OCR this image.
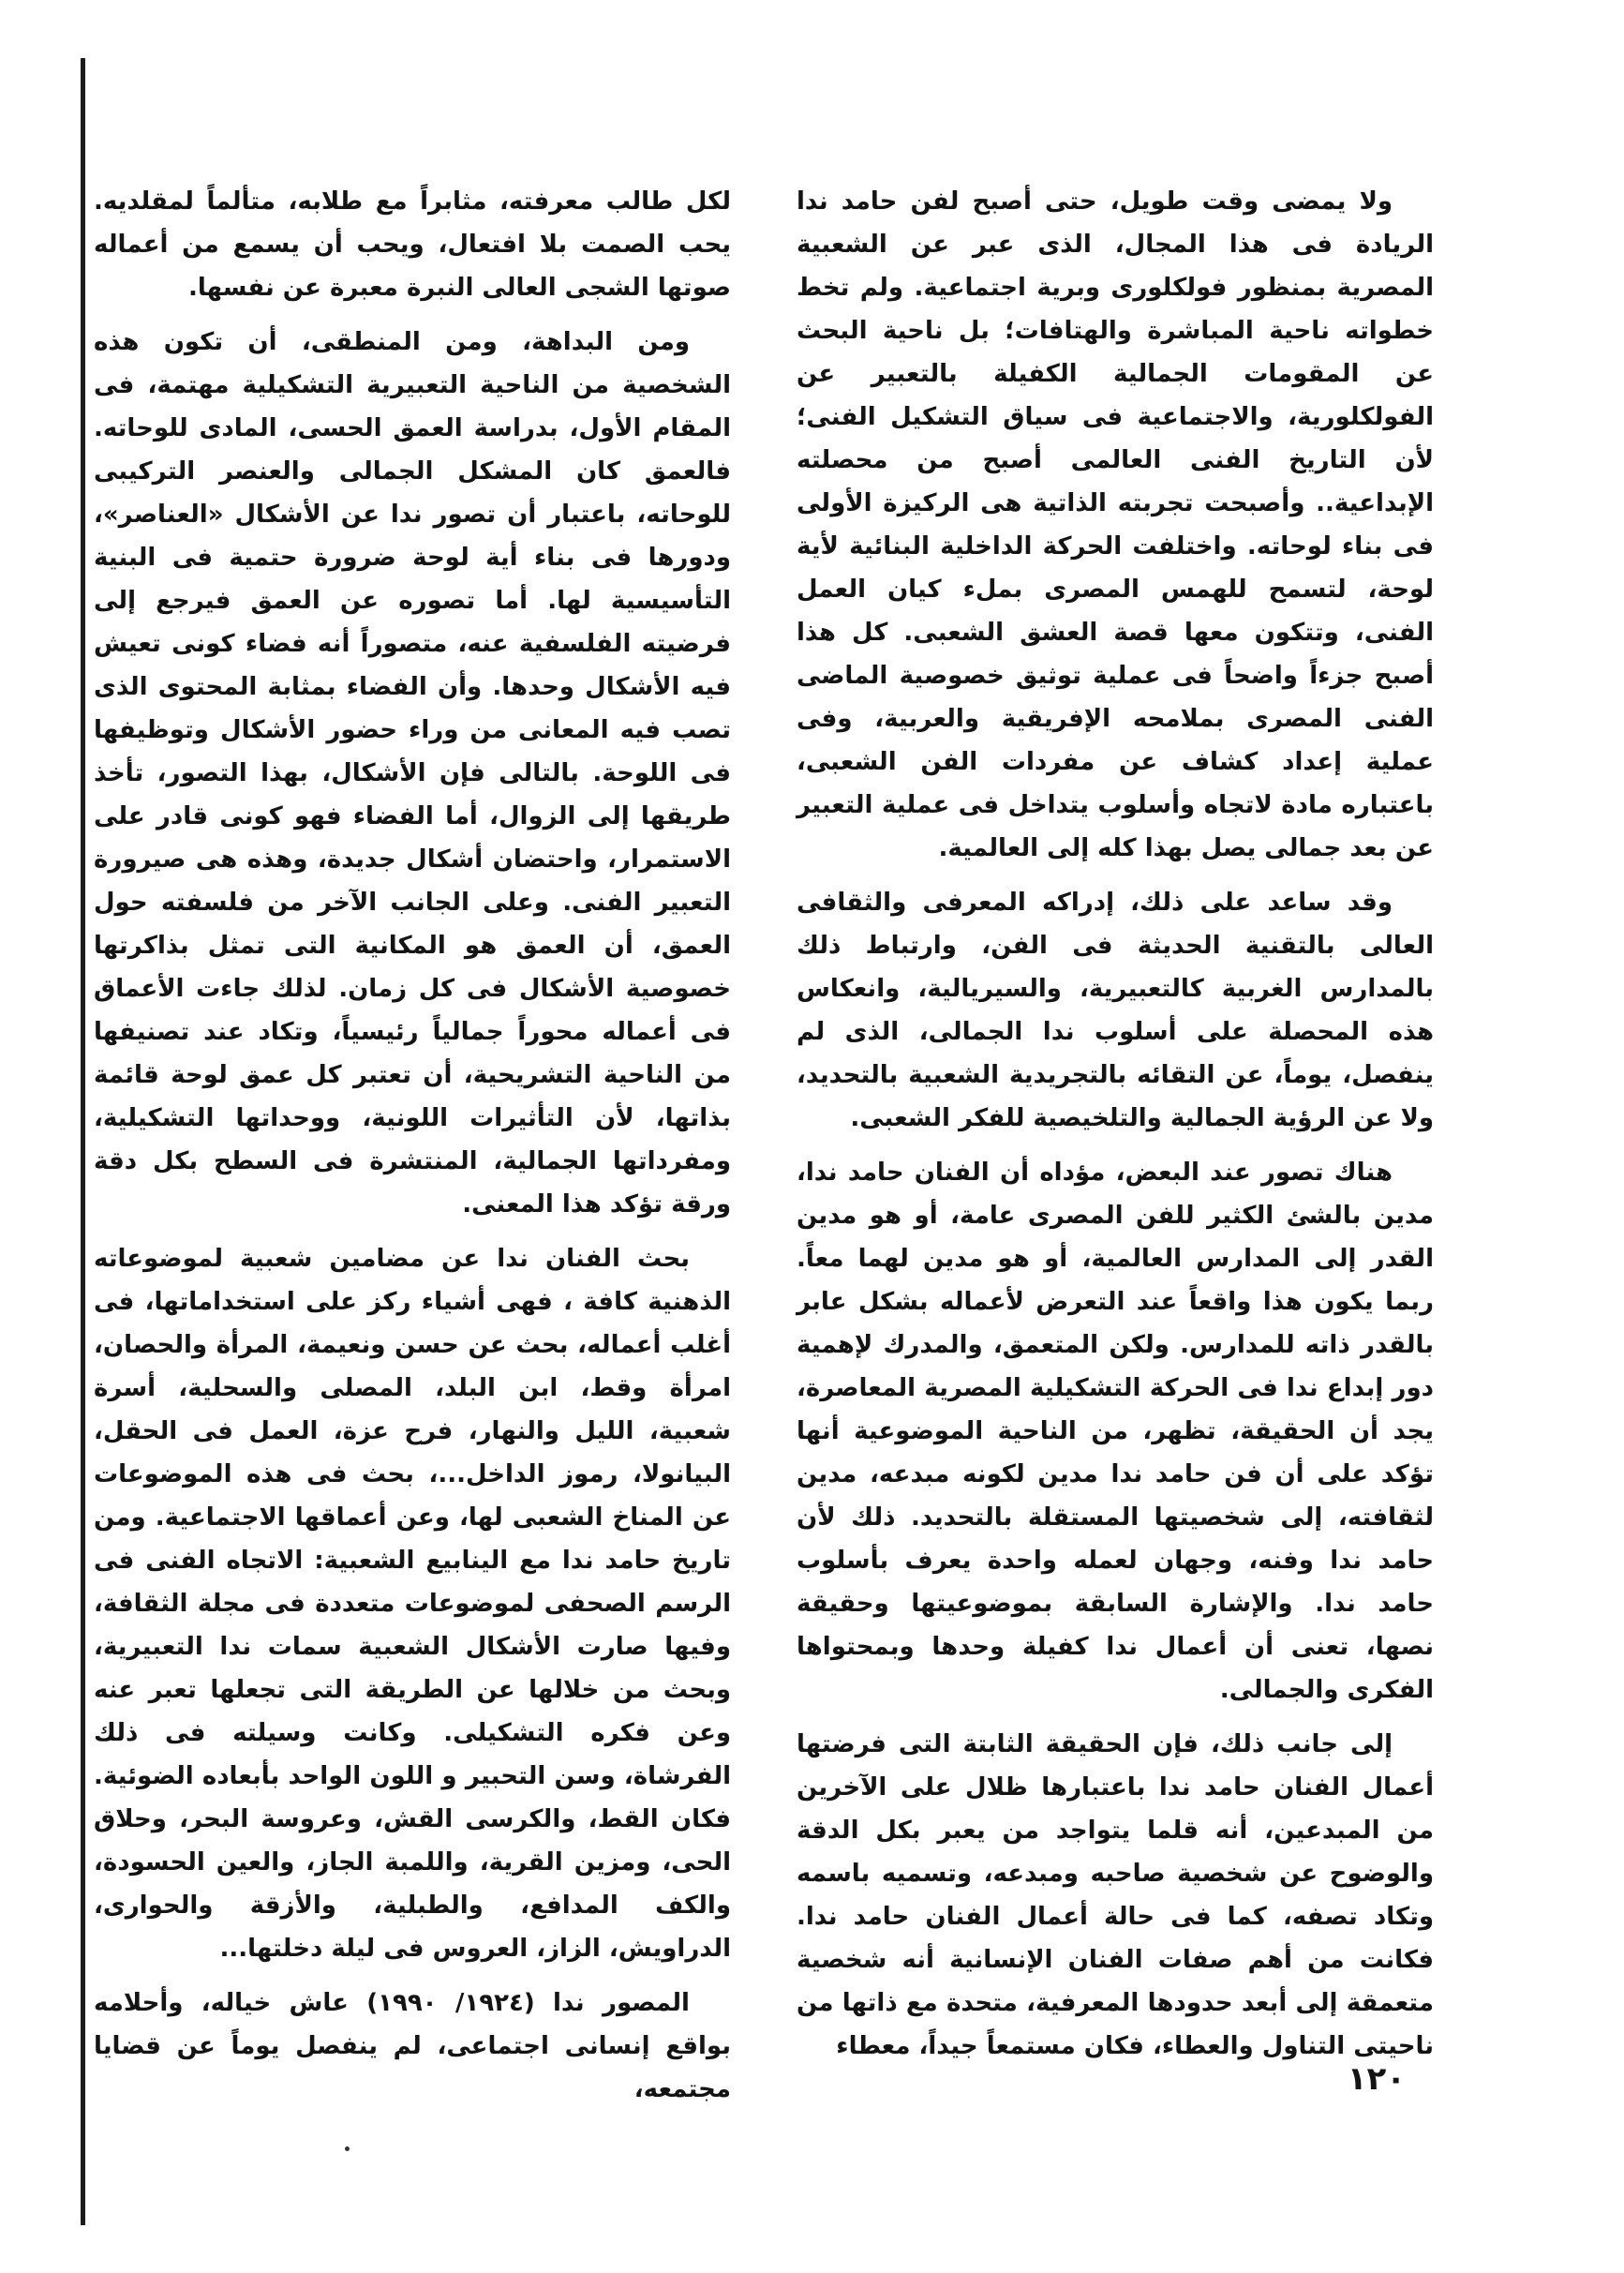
ولا يمضى وقت طويل، حتى أصبح لفن حامد ندا الريادة فى هذا المجال، الذى عبر عن الشعبية المصرية بمنظور فولكلورى وبرية اجتماعية. ولم تخط خطواته ناحية المباشرة والهتافات؛ بل ناحية البحث عن المقومات الجمالية الكفيلة بالتعبير عن الفولكلورية، والاجتماعية فى سياق التشكيل الفنى؛ لأن التاريخ الفنى العالمى أصبح من محصلته الإبداعية.. وأصبحت تجربته الذاتية هى الركيزة الأولى فى بناء لوحاته. واختلفت الحركة الداخلية البنائية لأية لوحة، لتسمح للهمس المصرى بملء كيان العمل الفنى، وتتكون معها قصة العشق الشعبى. كل هذا أصبح جزءاً واضحاً فى عملية توثيق خصوصية الماضى الفنى المصرى بملامحه الإفريقية والعربية، وفى عملية إعداد كشاف عن مفردات الفن الشعبى، باعتباره مادة لاتجاه وأسلوب يتداخل فى عملية التعبير عن بعد جمالى يصل بهذا كله إلى العالمية.

وقد ساعد على ذلك، إدراكه المعرفى والثقافى العالى بالتقنية الحديثة فى الفن، وارتباط ذلك بالمدارس الغربية كالتعبيرية، والسيريالية، وانعكاس هذه المحصلة على أسلوب ندا الجمالى، الذى لم ينفصل، يوماً، عن التقائه بالتجريدية الشعبية بالتحديد، ولا عن الرؤية الجمالية والتلخيصية للفكر الشعبى.

هناك تصور عند البعض، مؤداه أن الفنان حامد ندا، مدين بالشئ الكثير للفن المصرى عامة، أو هو مدين القدر إلى المدارس العالمية، أو هو مدين لهما معاً. ربما يكون هذا واقعاً عند التعرض لأعماله بشكل عابر بالقدر ذاته للمدارس. ولكن المتعمق، والمدرك لإهمية دور إبداع ندا فى الحركة التشكيلية المصرية المعاصرة، يجد أن الحقيقة، تظهر، من الناحية الموضوعية أنها تؤكد على أن فن حامد ندا مدين لكونه مبدعه، مدين لثقافته، إلى شخصيتها المستقلة بالتحديد. ذلك لأن حامد ندا وفنه، وجهان لعمله واحدة يعرف بأسلوب حامد ندا. والإشارة السابقة بموضوعيتها وحقيقة نصها، تعنى أن أعمال ندا كفيلة وحدها وبمحتواها الفكرى والجمالى.

إلى جانب ذلك، فإن الحقيقة الثابتة التى فرضتها أعمال الفنان حامد ندا باعتبارها ظلال على الآخرين من المبدعين، أنه قلما يتواجد من يعبر بكل الدقة والوضوح عن شخصية صاحبه ومبدعه، وتسميه باسمه وتكاد تصفه، كما فى حالة أعمال الفنان حامد ندا. فكانت من أهم صفات الفنان الإنسانية أنه شخصية متعمقة إلى أبعد حدودها المعرفية، متحدة مع ذاتها من ناحيتى التناول والعطاء، فكان مستمعاً جيداً، معطاء

لكل طالب معرفته، مثابراً مع طلابه، متألماً لمقلديه. يحب الصمت بلا افتعال، ويحب أن يسمع من أعماله صوتها الشجى العالى النبرة معبرة عن نفسها.

ومن البداهة، ومن المنطقى، أن تكون هذه الشخصية من الناحية التعبيرية التشكيلية مهتمة، فى المقام الأول، بدراسة العمق الحسى، المادى للوحاته. فالعمق كان المشكل الجمالى والعنصر التركيبى للوحاته، باعتبار أن تصور ندا عن الأشكال «العناصر»، ودورها فى بناء أية لوحة ضرورة حتمية فى البنية التأسيسية لها. أما تصوره عن العمق فيرجع إلى فرضيته الفلسفية عنه، متصوراً أنه فضاء كونى تعيش فيه الأشكال وحدها. وأن الفضاء بمثابة المحتوى الذى تصب فيه المعانى من وراء حضور الأشكال وتوظيفها فى اللوحة. بالتالى فإن الأشكال، بهذا التصور، تأخذ طريقها إلى الزوال، أما الفضاء فهو كونى قادر على الاستمرار، واحتضان أشكال جديدة، وهذه هى صيرورة التعبير الفنى. وعلى الجانب الآخر من فلسفته حول العمق، أن العمق هو المكانية التى تمثل بذاكرتها خصوصية الأشكال فى كل زمان. لذلك جاءت الأعماق فى أعماله محوراً جمالياً رئيسياً، وتكاد عند تصنيفها من الناحية التشريحية، أن تعتبر كل عمق لوحة قائمة بذاتها، لأن التأثيرات اللونية، ووحداتها التشكيلية، ومفرداتها الجمالية، المنتشرة فى السطح بكل دقة ورقة تؤكد هذا المعنى.

بحث الفنان ندا عن مضامين شعبية لموضوعاته الذهنية كافة ، فهى أشياء ركز على استخداماتها، فى أغلب أعماله، بحث عن حسن ونعيمة، المرأة والحصان، امرأة وقط، ابن البلد، المصلى والسحلية، أسرة شعبية، الليل والنهار، فرح عزة، العمل فى الحقل، البيانولا، رموز الداخل...، بحث فى هذه الموضوعات عن المناخ الشعبى لها، وعن أعماقها الاجتماعية. ومن تاريخ حامد ندا مع الينابيع الشعبية: الاتجاه الفنى فى الرسم الصحفى لموضوعات متعددة فى مجلة الثقافة، وفيها صارت الأشكال الشعبية سمات ندا التعبيرية، وبحث من خلالها عن الطريقة التى تجعلها تعبر عنه وعن فكره التشكيلى. وكانت وسيلته فى ذلك الفرشاة، وسن التحبير و اللون الواحد بأبعاده الضوئية. فكان القط، والكرسى القش، وعروسة البحر، وحلاق الحى، ومزين القرية، واللمبة الجاز، والعين الحسودة، والكف المدافع، والطبلية، والأزقة والحوارى، الدراويش، الزاز، العروس فى ليلة دخلتها...

المصور ندا (١٩٢٤/ ١٩٩٠) عاش خياله، وأحلامه بواقع إنسانى اجتماعى، لم ينفصل يوماً عن قضايا مجتمعه،	١٢٠
